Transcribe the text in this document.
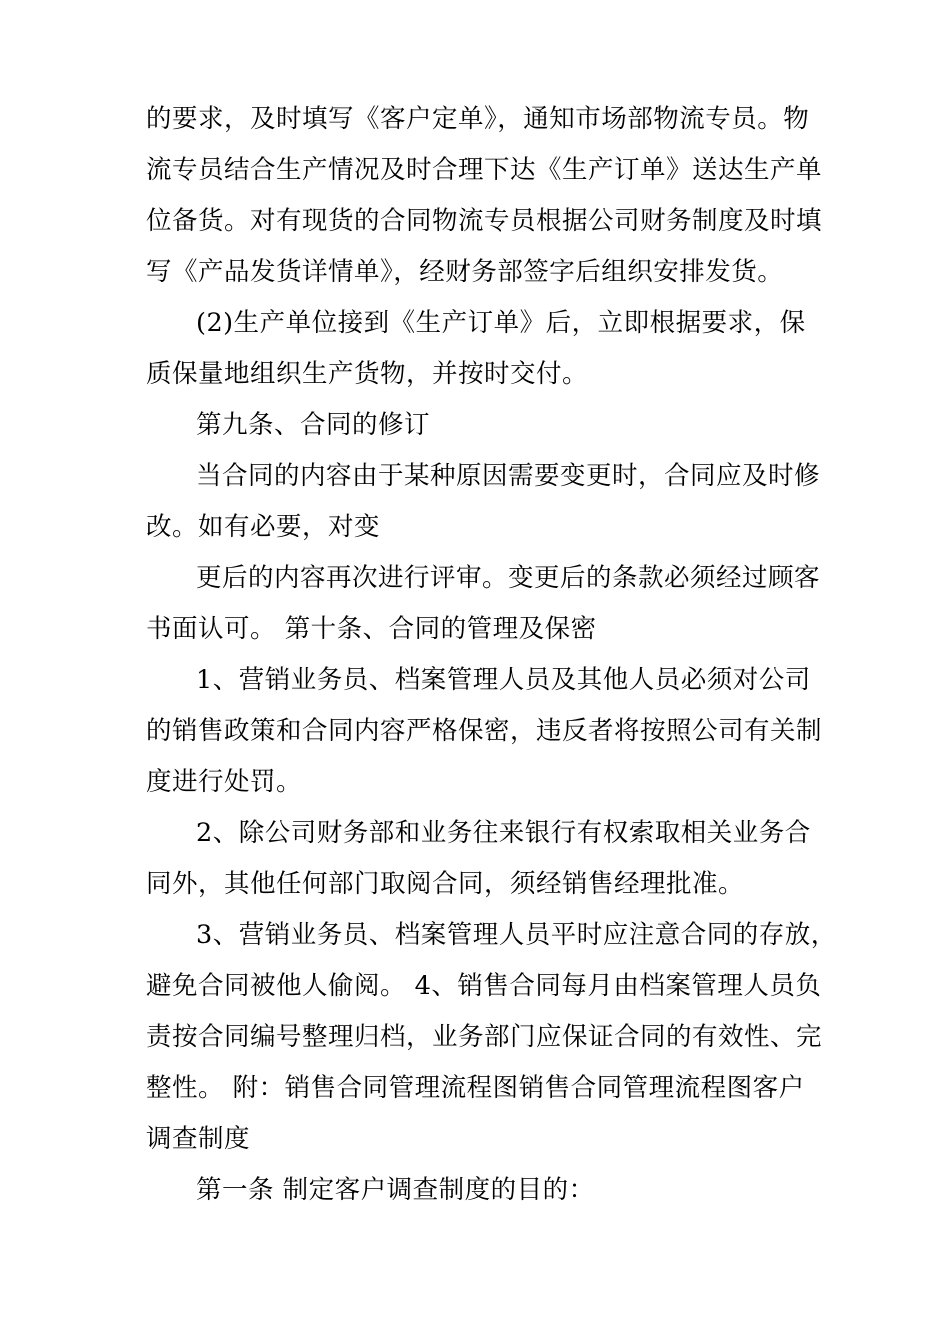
的要求，及时填写《客户定单》，通知市场部物流专员。物
流专员结合生产情况及时合理下达《生产订单》送达生产单
位备货。对有现货的合同物流专员根据公司财务制度及时填
写《产品发货详情单》，经财务部签字后组织安排发货。
(2)生产单位接到《生产订单》后，立即根据要求，保
质保量地组织生产货物，并按时交付。
第九条、合同的修订
当合同的内容由于某种原因需要变更时，合同应及时修
改。如有必要，对变
更后的内容再次进行评审。变更后的条款必须经过顾客
书面认可。 第十条、合同的管理及保密
1、营销业务员、档案管理人员及其他人员必须对公司
的销售政策和合同内容严格保密，违反者将按照公司有关制
度进行处罚。
2、除公司财务部和业务往来银行有权索取相关业务合
同外，其他任何部门取阅合同，须经销售经理批准。
3、营销业务员、档案管理人员平时应注意合同的存放，
避免合同被他人偷阅。 4、销售合同每月由档案管理人员负
责按合同编号整理归档，业务部门应保证合同的有效性、完
整性。 附：销售合同管理流程图销售合同管理流程图客户
调查制度
第一条 制定客户调查制度的目的：
